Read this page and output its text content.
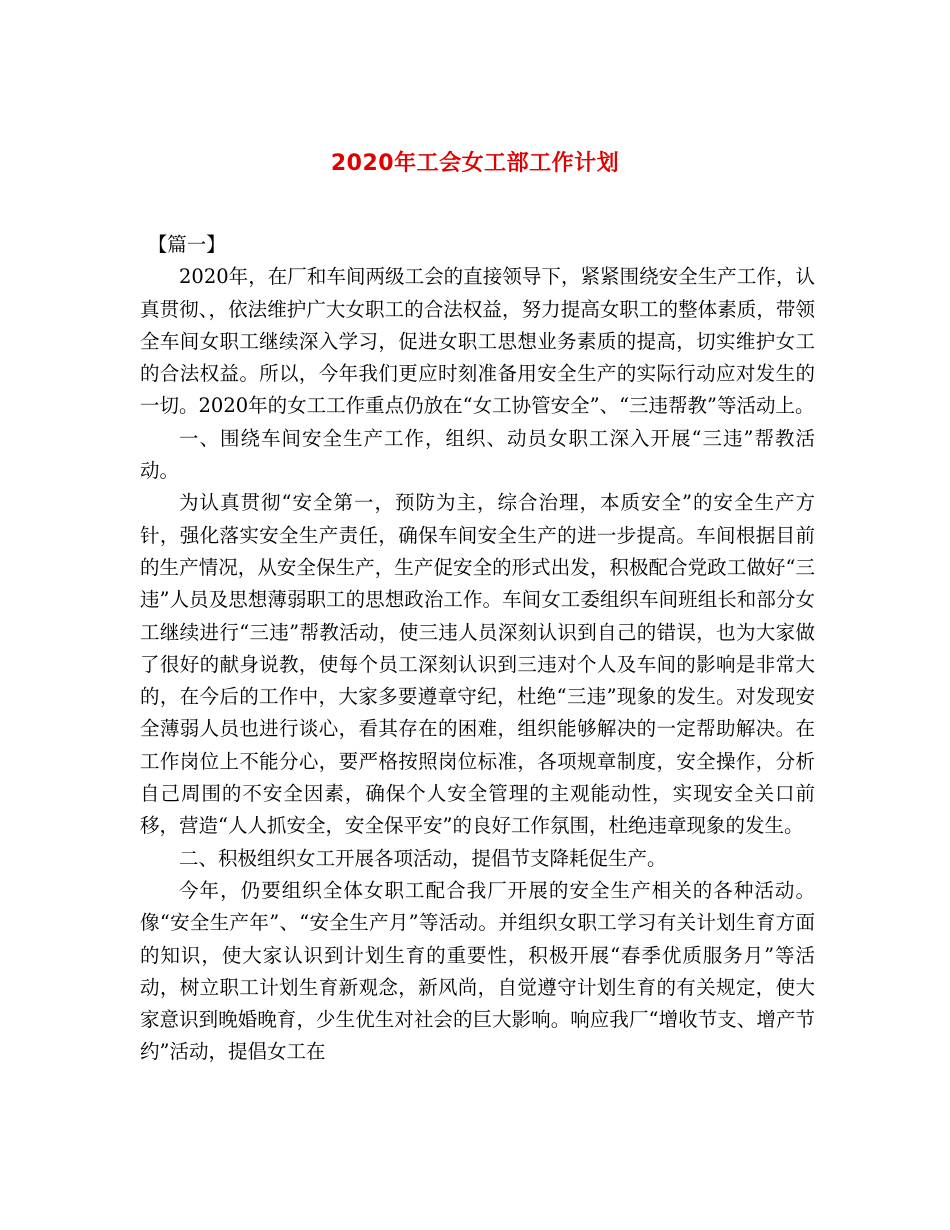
2020年工会女工部工作计划

【篇一】

2020年，在厂和车间两级工会的直接领导下，紧紧围绕安全生产工作，认真贯彻、，依法维护广大女职工的合法权益，努力提高女职工的整体素质，带领全车间女职工继续深入学习，促进女职工思想业务素质的提高，切实维护女工的合法权益。所以，今年我们更应时刻准备用安全生产的实际行动应对发生的一切。2020年的女工工作重点仍放在“女工协管安全”、“三违帮教”等活动上。

一、围绕车间安全生产工作，组织、动员女职工深入开展“三违”帮教活动。

为认真贯彻“安全第一，预防为主，综合治理，本质安全”的安全生产方针，强化落实安全生产责任，确保车间安全生产的进一步提高。车间根据目前的生产情况，从安全保生产，生产促安全的形式出发，积极配合党政工做好“三违”人员及思想薄弱职工的思想政治工作。车间女工委组织车间班组长和部分女工继续进行“三违”帮教活动，使三违人员深刻认识到自己的错误，也为大家做了很好的献身说教，使每个员工深刻认识到三违对个人及车间的影响是非常大的，在今后的工作中，大家多要遵章守纪，杜绝“三违”现象的发生。对发现安全薄弱人员也进行谈心，看其存在的困难，组织能够解决的一定帮助解决。在工作岗位上不能分心，要严格按照岗位标准，各项规章制度，安全操作，分析自己周围的不安全因素，确保个人安全管理的主观能动性，实现安全关口前移，营造“人人抓安全，安全保平安”的良好工作氛围，杜绝违章现象的发生。

二、积极组织女工开展各项活动，提倡节支降耗促生产。

今年，仍要组织全体女职工配合我厂开展的安全生产相关的各种活动。像“安全生产年”、“安全生产月”等活动。并组织女职工学习有关计划生育方面的知识，使大家认识到计划生育的重要性，积极开展“春季优质服务月”等活动，树立职工计划生育新观念，新风尚，自觉遵守计划生育的有关规定，使大家意识到晚婚晚育，少生优生对社会的巨大影响。响应我厂“增收节支、增产节约”活动，提倡女工在
